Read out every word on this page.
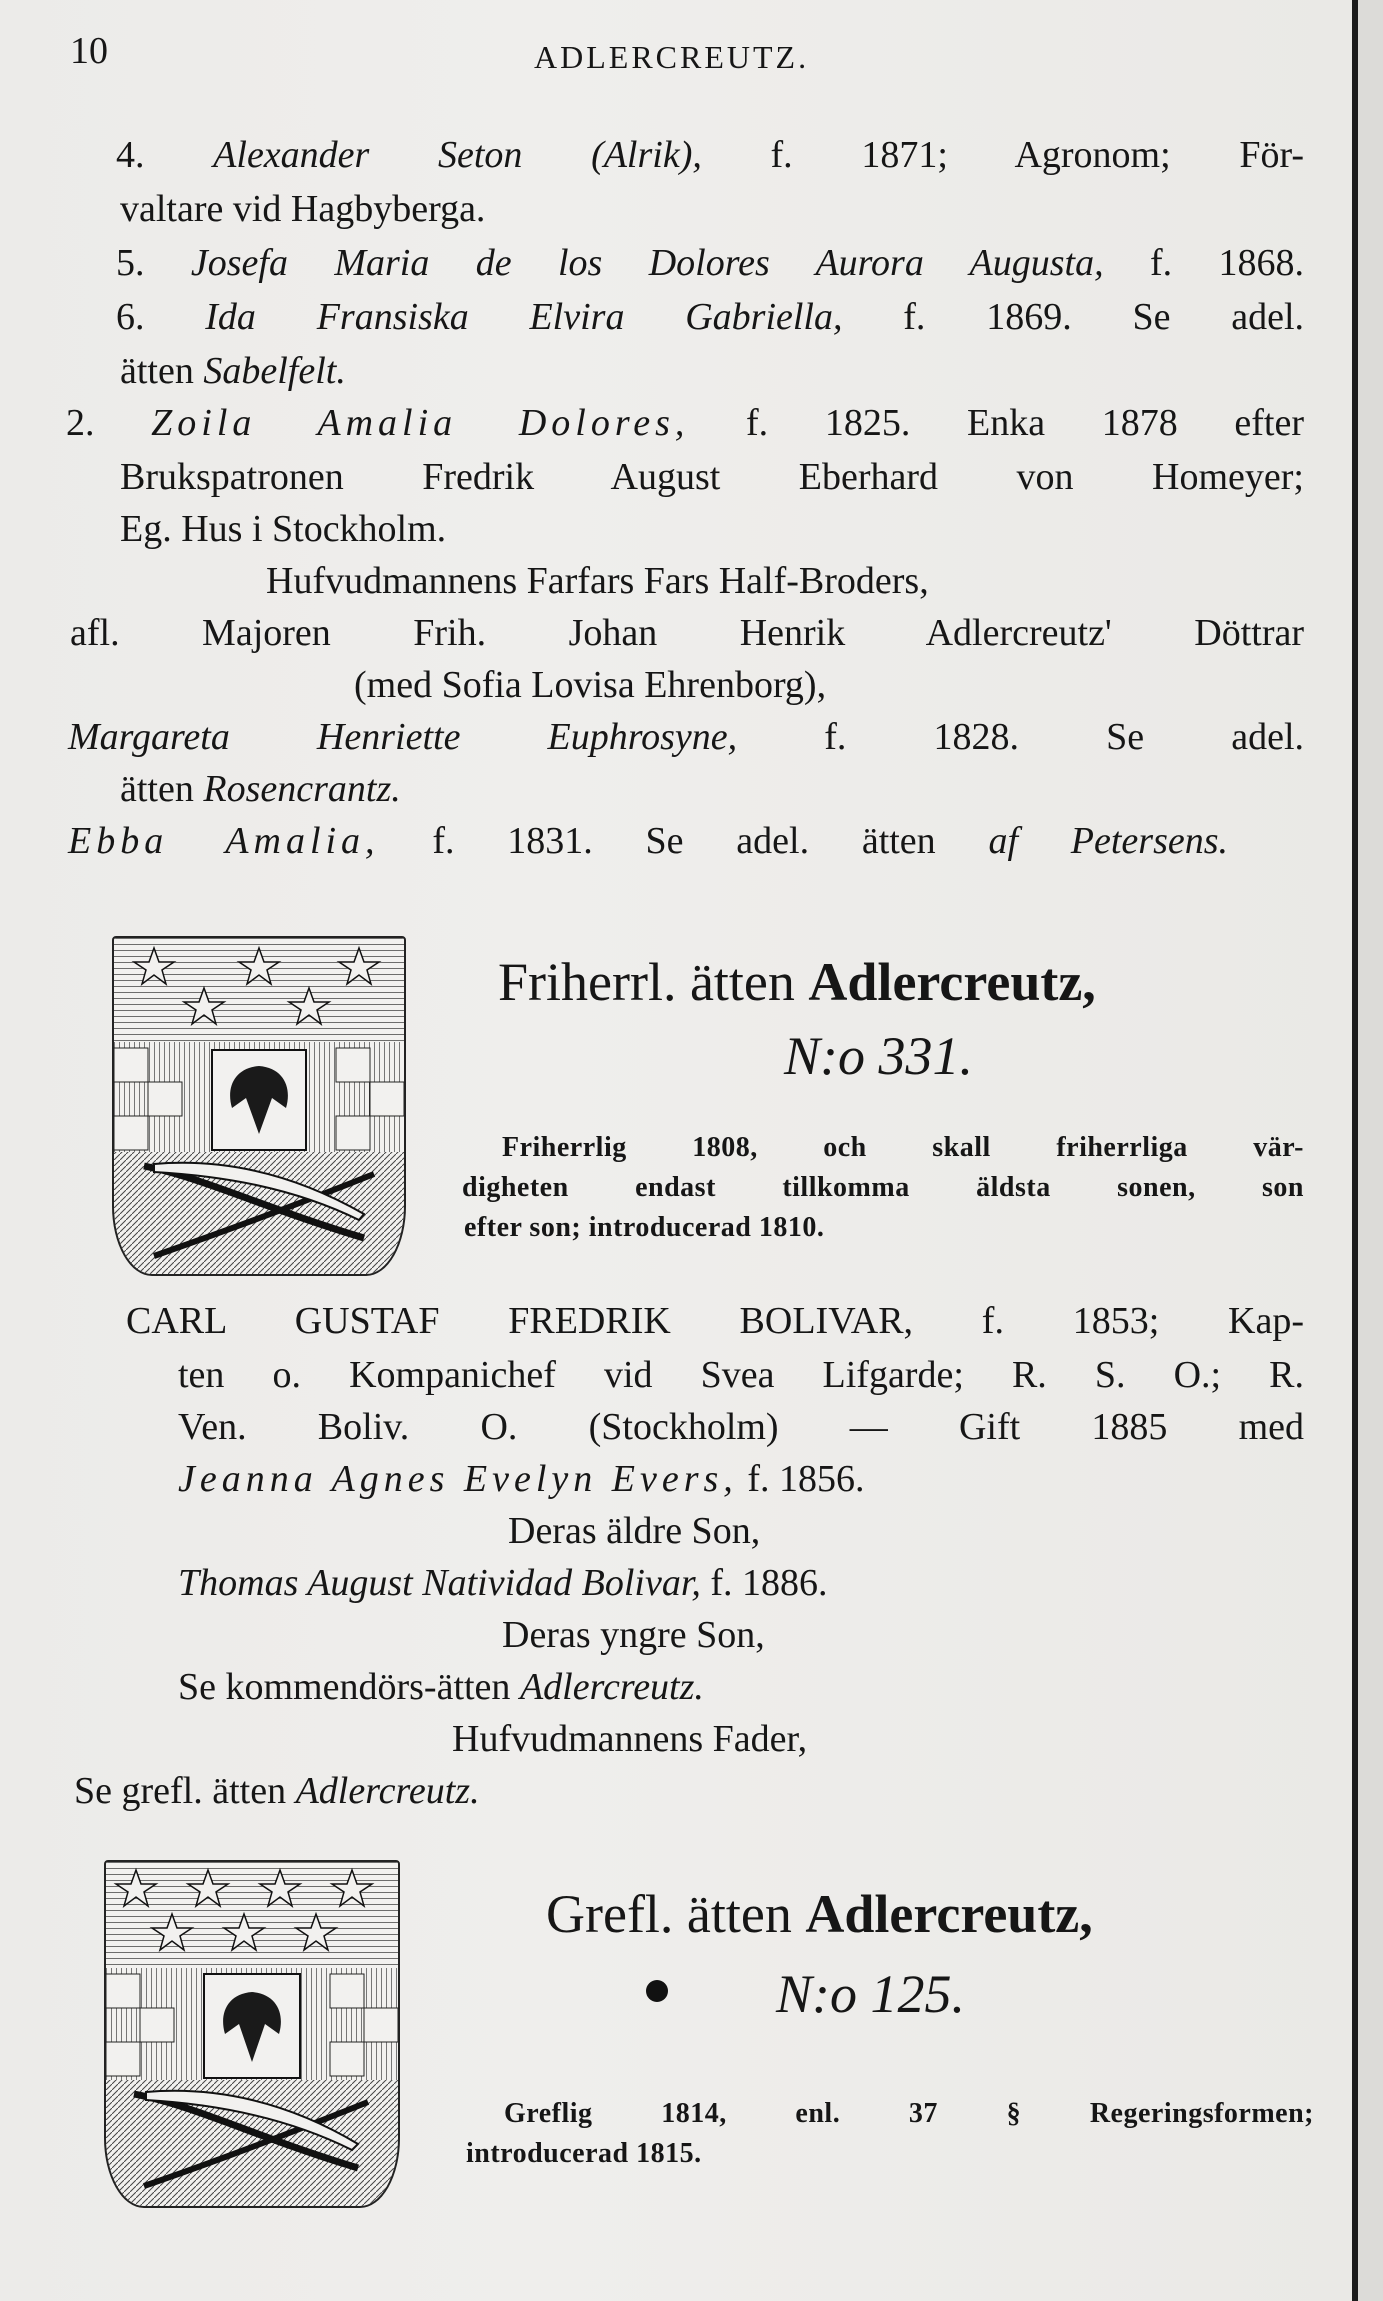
10	ADLERCREUTZ.
4. Alexander Seton (Alrik), f. 1871; Agronom; För-
valtare vid Hagbyberga.
5. Josefa Maria de los Dolores Aurora Augusta, f. 1868.
6. Ida Fransiska Elvira Gabriella, f. 1869. Se adel.
ätten Sabelfelt.
2. Zoila Amalia Dolores, f. 1825. Enka 1878 efter
Brukspatronen Fredrik August Eberhard von Homeyer;
Eg. Hus i Stockholm.
Hufvudmannens Farfars Fars Half-Broders,
afl. Majoren Frih. Johan Henrik Adlercreutz' Döttrar
(med Sofia Lovisa Ehrenborg),
Margareta Henriette Euphrosyne, f. 1828. Se adel.
ätten Rosencrantz.
Ebba Amalia, f. 1831. Se adel. ätten af Petersens.
Friherrl. ätten Adlercreutz,
N:o 331.
Friherrlig 1808, och skall friherrliga vär-
digheten endast tillkomma äldsta sonen, son
efter son; introducerad 1810.
CARL GUSTAF FREDRIK BOLIVAR, f. 1853; Kap-
ten o. Kompanichef vid Svea Lifgarde; R. S. O.; R.
Ven. Boliv. O. (Stockholm) — Gift 1885 med
Jeanna Agnes Evelyn Evers, f. 1856.
Deras äldre Son,
Thomas August Natividad Bolivar, f. 1886.
Deras yngre Son,
Se kommendörs-ätten Adlercreutz.
Hufvudmannens Fader,
Se grefl. ätten Adlercreutz.
Grefl. ätten Adlercreutz,
N:o 125.
Greflig 1814, enl. 37 § Regeringsformen;
introducerad 1815.
